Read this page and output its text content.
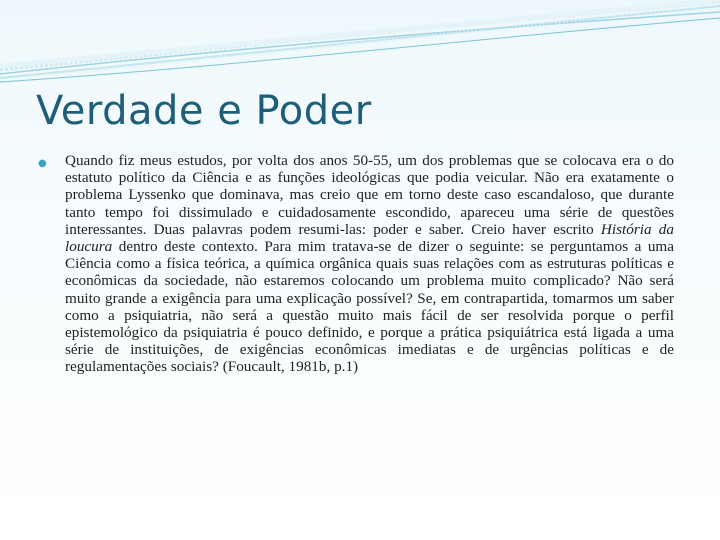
Verdade e Poder
● Quando fiz meus estudos, por volta dos anos 50-55, um dos problemas que se colocava era o do estatuto político da Ciência e as funções ideológicas que podia veicular. Não era exatamente o problema Lyssenko que dominava, mas creio que em torno deste caso escandaloso, que durante tanto tempo foi dissimulado e cuidadosamente escondido, apareceu uma série de questões interessantes. Duas palavras podem resumi-las: poder e saber. Creio haver escrito História da loucura dentro deste contexto. Para mim tratava-se de dizer o seguinte: se perguntamos a uma Ciência como a física teórica, a química orgânica quais suas relações com as estruturas políticas e econômicas da sociedade, não estaremos colocando um problema muito complicado? Não será muito grande a exigência para uma explicação possível? Se, em contrapartida, tomarmos um saber como a psiquiatria, não será a questão muito mais fácil de ser resolvida porque o perfil epistemológico da psiquiatria é pouco definido, e porque a prática psiquiátrica está ligada a uma série de instituições, de exigências econômicas imediatas e de urgências políticas e de regulamentações sociais? (Foucault, 1981b, p.1)
